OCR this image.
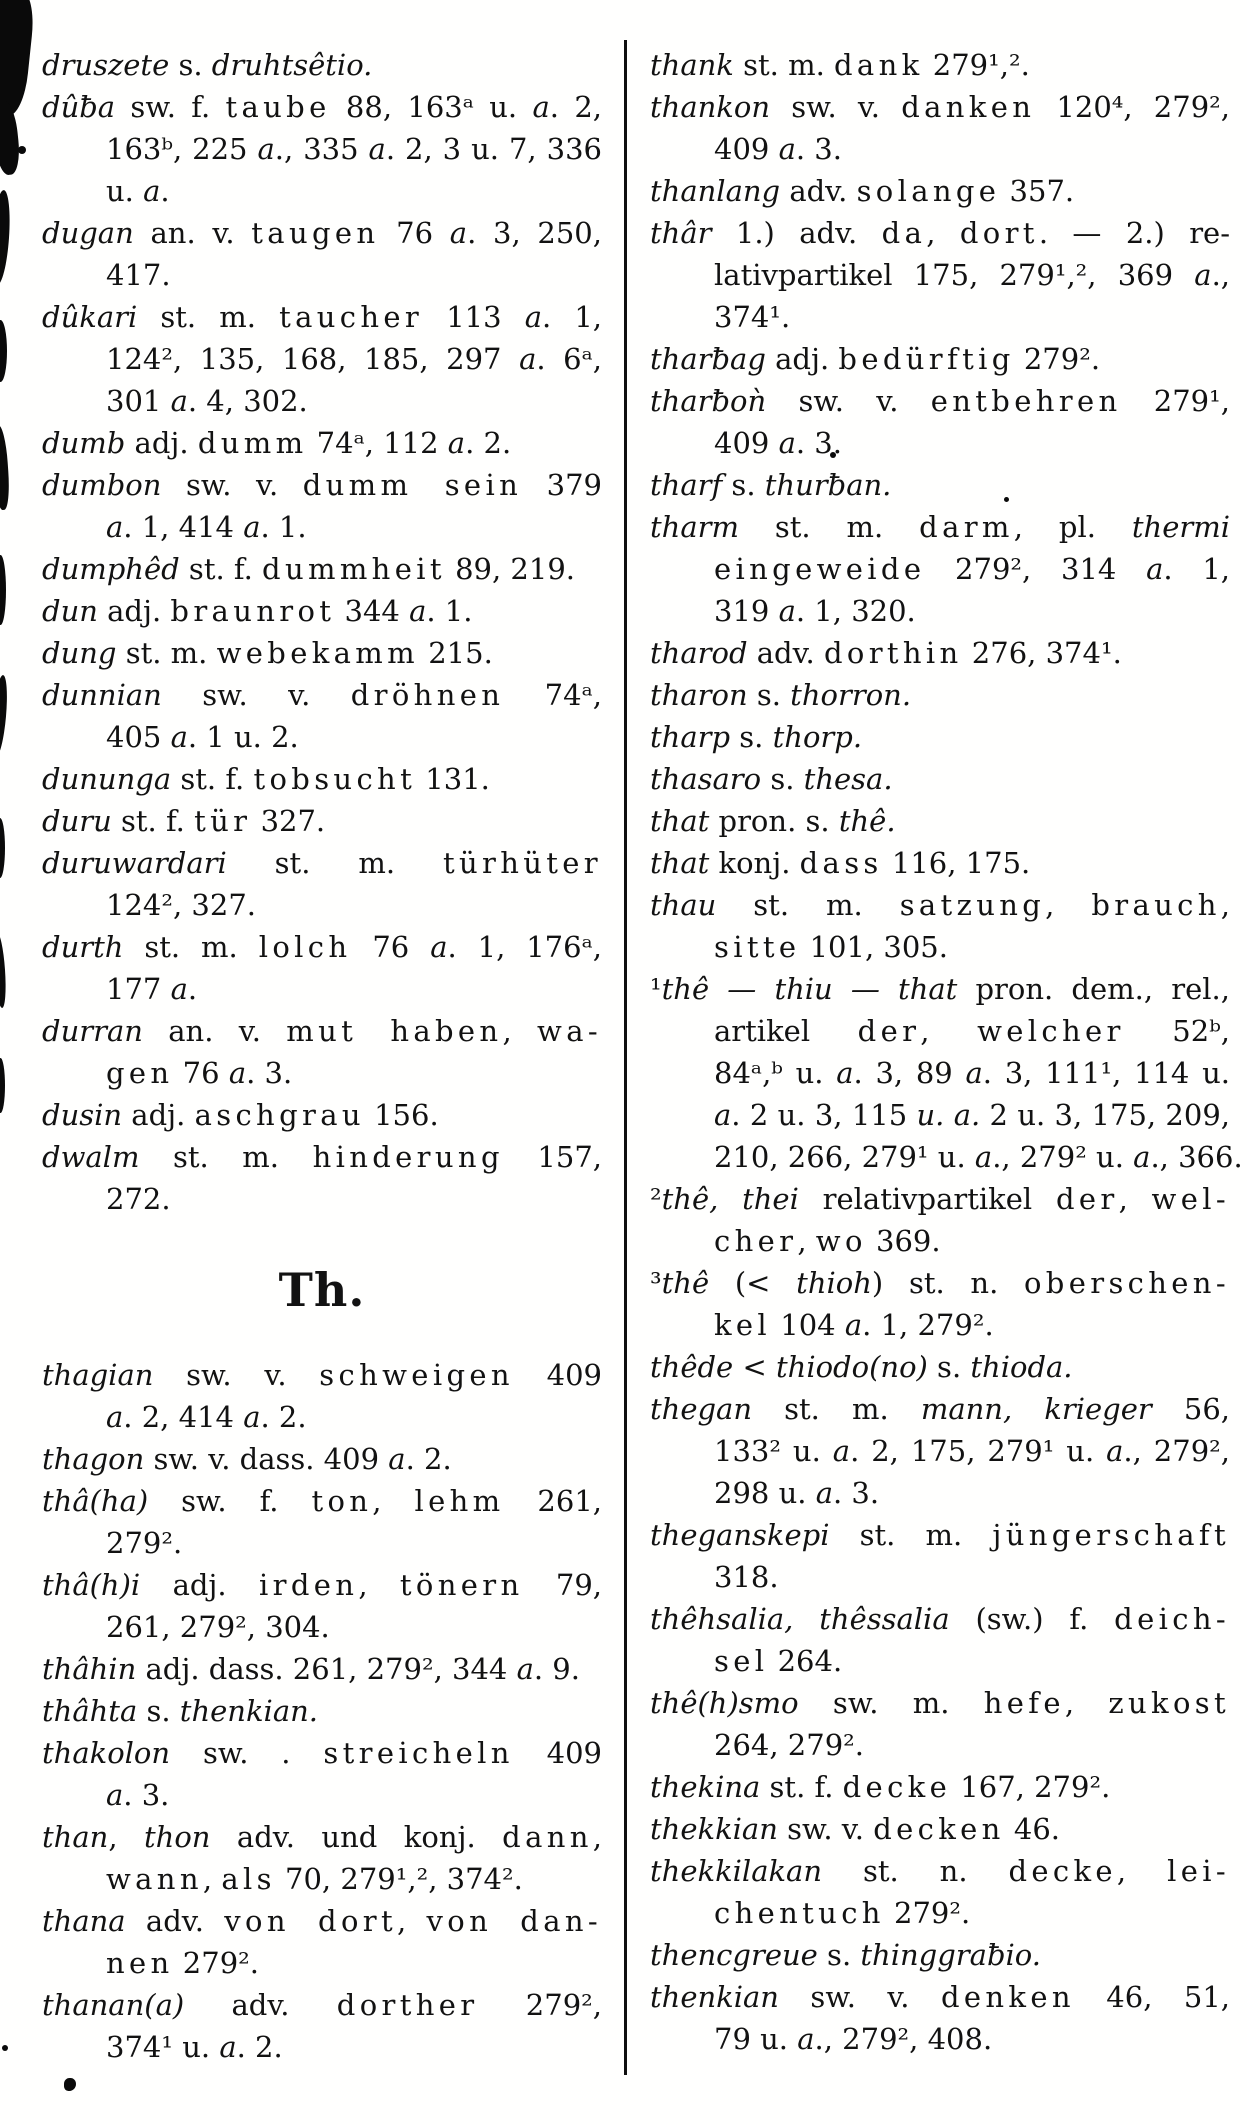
druszete s. druhtsêtio.
dûƀa sw. f. taube 88, 163ᵃ u. a. 2,
163ᵇ, 225 a., 335 a. 2, 3 u. 7, 336
u. a.
dugan an. v. taugen 76 a. 3, 250,
417.
dûkari st. m. taucher 113 a. 1,
124², 135, 168, 185, 297 a. 6ᵃ,
301 a. 4, 302.
dumb adj. dumm 74ᵃ, 112 a. 2.
dumbon sw. v. dumm sein 379
a. 1, 414 a. 1.
dumphêd st. f. dummheit 89, 219.
dun adj. braunrot 344 a. 1.
dung st. m. webekamm 215.
dunnian sw. v. dröhnen 74ᵃ,
405 a. 1 u. 2.
dununga st. f. tobsucht 131.
duru st. f. tür 327.
duruwardari st. m. türhüter
124², 327.
durth st. m. lolch 76 a. 1, 176ᵃ,
177 a.
durran an. v. mut haben, wa-
gen 76 a. 3.
dusin adj. aschgrau 156.
dwalm st. m. hinderung 157,
272.
Th.
thagian sw. v. schweigen 409
a. 2, 414 a. 2.
thagon sw. v. dass. 409 a. 2.
thâ(ha) sw. f. ton, lehm 261,
279².
thâ(h)i adj. irden, tönern 79,
261, 279², 304.
thâhin adj. dass. 261, 279², 344 a. 9.
thâhta s. thenkian.
thakolon sw. . streicheln 409
a. 3.
than, thon adv. und konj. dann,
wann, als 70, 279¹,², 374².
thana adv. von dort, von dan-
nen 279².
thanan(a) adv. dorther 279²,
374¹ u. a. 2.
thank st. m. dank 279¹,².
thankon sw. v. danken 120⁴, 279²,
409 a. 3.
thanlang adv. solange 357.
thâr 1.) adv. da, dort. — 2.) re-
lativpartikel 175, 279¹,², 369 a.,
374¹.
tharƀag adj. bedürftig 279².
tharƀoǹ sw. v. entbehren 279¹,
409 a. 3.
tharf s. thurƀan.
tharm st. m. darm, pl. thermi
eingeweide 279², 314 a. 1,
319 a. 1, 320.
tharod adv. dorthin 276, 374¹.
tharon s. thorron.
tharp s. thorp.
thasaro s. thesa.
that pron. s. thê.
that konj. dass 116, 175.
thau st. m. satzung, brauch,
sitte 101, 305.
¹thê — thiu — that pron. dem., rel.,
artikel der, welcher 52ᵇ,
84ᵃ,ᵇ u. a. 3, 89 a. 3, 111¹, 114 u.
a. 2 u. 3, 115 u. a. 2 u. 3, 175, 209,
210, 266, 279¹ u. a., 279² u. a., 366.
²thê, thei relativpartikel der, wel-
cher, wo 369.
³thê (< thioh) st. n. oberschen-
kel 104 a. 1, 279².
thêde < thiodo(no) s. thioda.
thegan st. m. mann, krieger 56,
133² u. a. 2, 175, 279¹ u. a., 279²,
298 u. a. 3.
theganskepi st. m. jüngerschaft
318.
thêhsalia, thêssalia (sw.) f. deich-
sel 264.
thê(h)smo sw. m. hefe, zukost
264, 279².
thekina st. f. decke 167, 279².
thekkian sw. v. decken 46.
thekkilakan st. n. decke, lei-
chentuch 279².
thencgreue s. thinggraƀio.
thenkian sw. v. denken 46, 51,
79 u. a., 279², 408.
